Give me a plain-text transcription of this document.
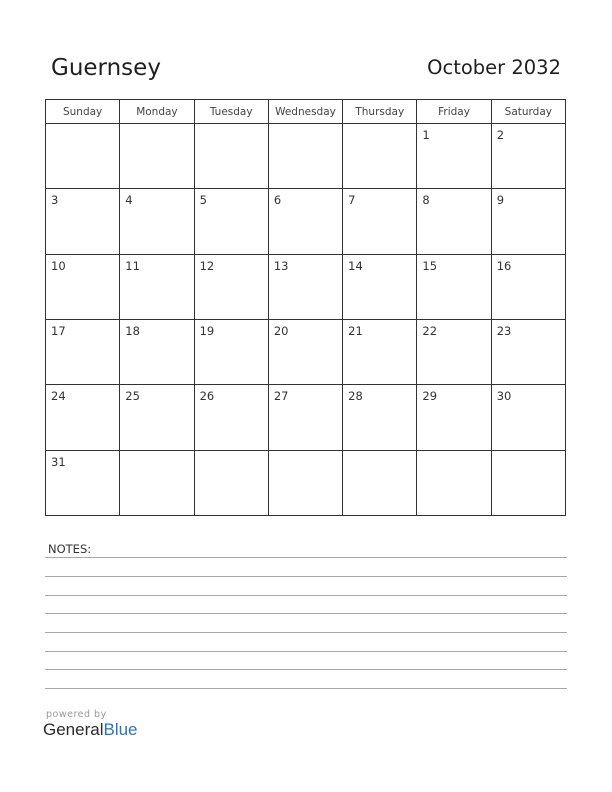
Guernsey	October 2032
Sunday	Monday	Tuesday	Wednesday	Thursday	Friday	Saturday

					1	2

3	4	5	6	7	8	9

10	11	12	13	14	15	16

17	18	19	20	21	22	23

24	25	26	27	28	29	30

31						

NOTES:
powered by
GeneralBlue
